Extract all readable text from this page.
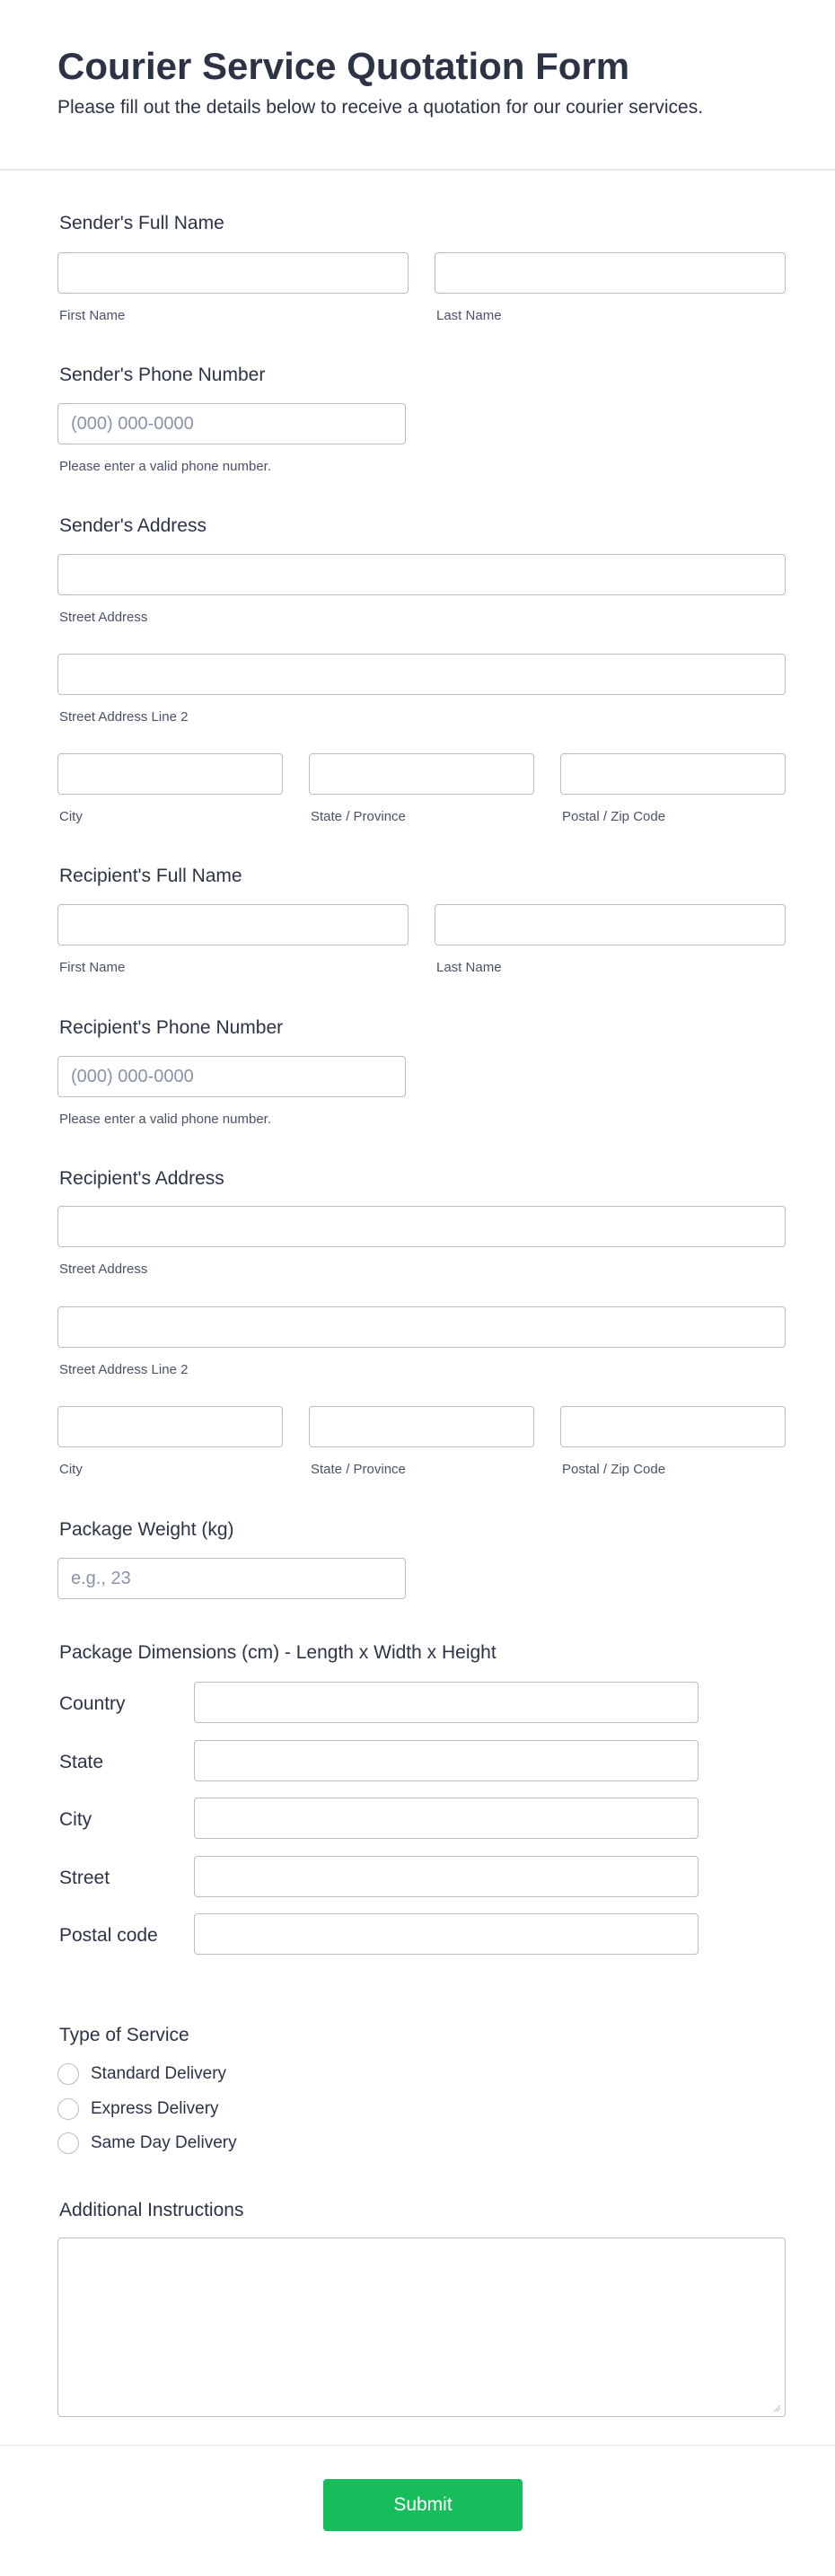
Courier Service Quotation Form

Please fill out the details below to receive a quotation for our courier services.

Sender's Full Name
First Name	Last Name
Sender's Phone Number
(000) 000-0000
Please enter a valid phone number.
Sender's Address
Street Address
Street Address Line 2
City	State / Province	Postal / Zip Code
Recipient's Full Name
First Name	Last Name
Recipient's Phone Number
(000) 000-0000
Please enter a valid phone number.
Recipient's Address
Street Address
Street Address Line 2
City	State / Province	Postal / Zip Code
Package Weight (kg)
e.g., 23
Package Dimensions (cm) - Length x Width x Height
Country
State
City
Street
Postal code
Type of Service
Standard Delivery
Express Delivery
Same Day Delivery
Additional Instructions
Submit
